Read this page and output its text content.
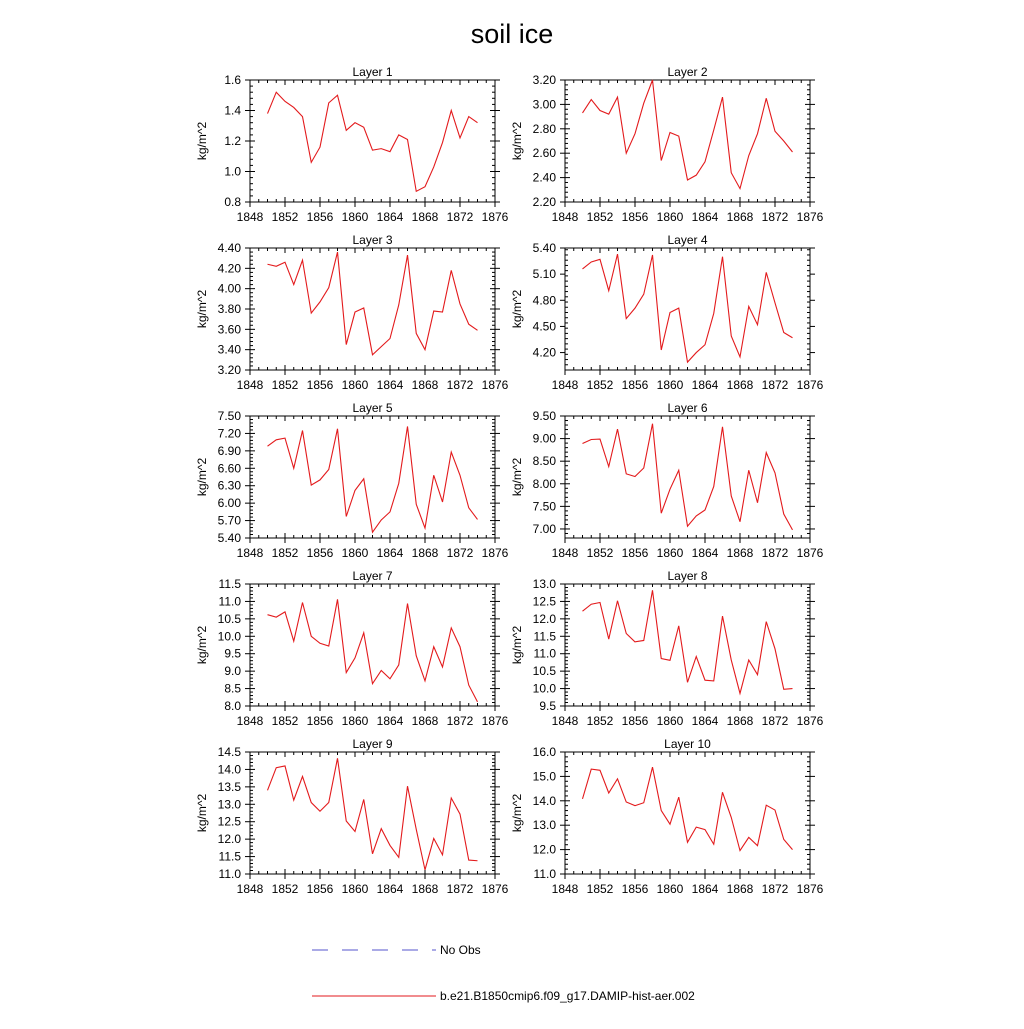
soil ice
Layer 1
kg/m^2
1848 1852 1856 1860 1864 1868 1872 1876
0.8
1.0
1.2
1.4
1.6
Layer 2
kg/m^2
1848 1852 1856 1860 1864 1868 1872 1876
2.20
2.40
2.60
2.80
3.00
3.20
Layer 3
kg/m^2
1848 1852 1856 1860 1864 1868 1872 1876
3.20
3.40
3.60
3.80
4.00
4.20
4.40
Layer 4
kg/m^2
1848 1852 1856 1860 1864 1868 1872 1876
4.20
4.50
4.80
5.10
5.40
Layer 5
kg/m^2
1848 1852 1856 1860 1864 1868 1872 1876
5.40
5.70
6.00
6.30
6.60
6.90
7.20
7.50
Layer 6
kg/m^2
1848 1852 1856 1860 1864 1868 1872 1876
7.00
7.50
8.00
8.50
9.00
9.50
Layer 7
kg/m^2
1848 1852 1856 1860 1864 1868 1872 1876
8.0
8.5
9.0
9.5
10.0
10.5
11.0
11.5
Layer 8
kg/m^2
1848 1852 1856 1860 1864 1868 1872 1876
9.5
10.0
10.5
11.0
11.5
12.0
12.5
13.0
Layer 9
kg/m^2
1848 1852 1856 1860 1864 1868 1872 1876
11.0
11.5
12.0
12.5
13.0
13.5
14.0
14.5
Layer 10
kg/m^2
1848 1852 1856 1860 1864 1868 1872 1876
11.0
12.0
13.0
14.0
15.0
16.0
No Obs
b.e21.B1850cmip6.f09_g17.DAMIP-hist-aer.002
